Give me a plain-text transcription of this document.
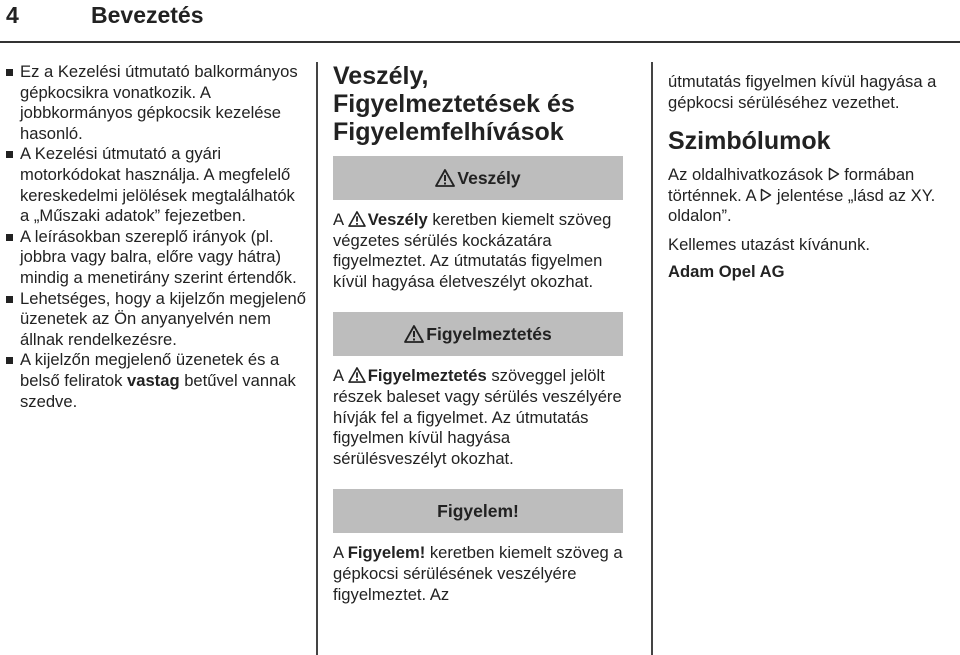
4	Bevezetés
Ez a Kezelési útmutató balkormányos gépkocsikra vonatkozik. A jobbkormányos gépkocsik kezelése hasonló.
A Kezelési útmutató a gyári motorkódokat használja. A megfelelő kereskedelmi jelölések megtalálhatók a „Műszaki adatok” fejezetben.
A leírásokban szereplő irányok (pl. jobbra vagy balra, előre vagy hátra) mindig a menetirány szerint értendők.
Lehetséges, hogy a kijelzőn megjelenő üzenetek az Ön anyanyelvén nem állnak rendelkezésre.
A kijelzőn megjelenő üzenetek és a belső feliratok vastag betűvel vannak szedve.
Veszély, Figyelmeztetések és Figyelemfelhívások
Veszély

A Veszély keretben kiemelt szöveg végzetes sérülés kockázatára figyelmeztet. Az útmutatás figyelmen kívül hagyása életveszélyt okozhat.

Figyelmeztetés

A Figyelmeztetés szöveggel jelölt részek baleset vagy sérülés veszélyére hívják fel a figyelmet. Az útmutatás figyelmen kívül hagyása sérülésveszélyt okozhat.

Figyelem!

A Figyelem! keretben kiemelt szöveg a gépkocsi sérülésének veszélyére figyelmeztet. Az

útmutatás figyelmen kívül hagyása a gépkocsi sérüléséhez vezethet.

Szimbólumok

Az oldalhivatkozások  formában történnek. A  jelentése „lásd az XY. oldalon”.

Kellemes utazást kívánunk.

Adam Opel AG
